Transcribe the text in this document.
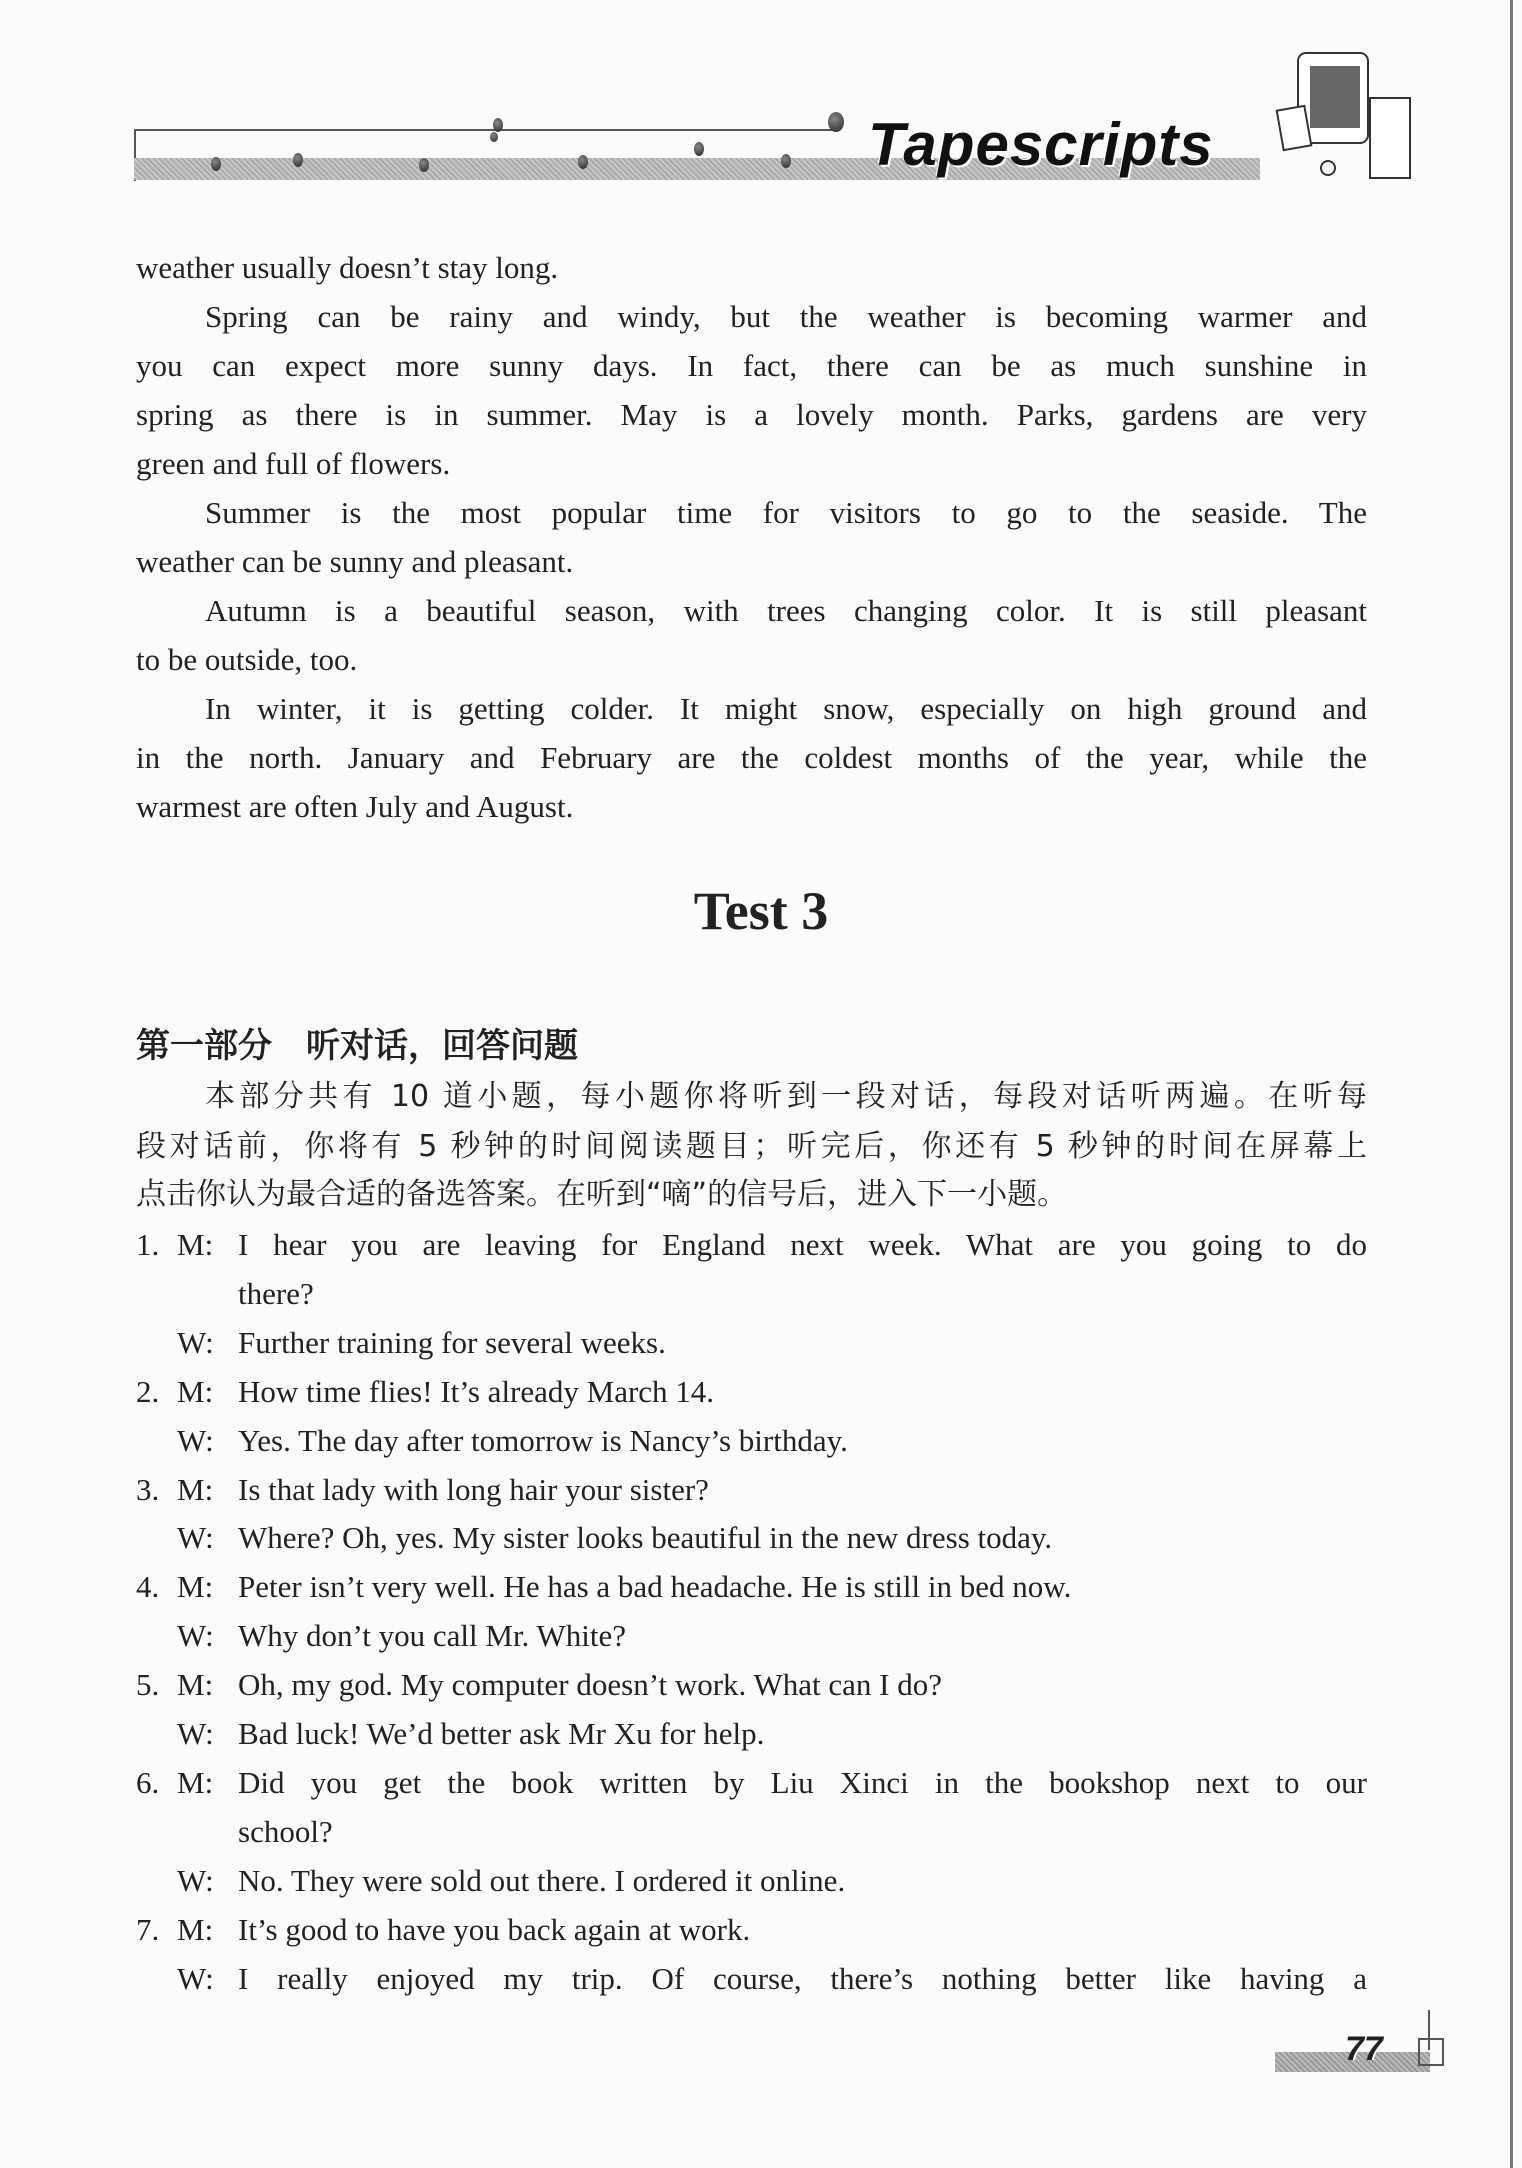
Tapescripts
weather usually doesn’t stay long.
Spring can be rainy and windy, but the weather is becoming warmer and
you can expect more sunny days. In fact, there can be as much sunshine in
spring as there is in summer. May is a lovely month. Parks, gardens are very
green and full of flowers.
Summer is the most popular time for visitors to go to the seaside. The
weather can be sunny and pleasant.
Autumn is a beautiful season, with trees changing color. It is still pleasant
to be outside, too.
In winter, it is getting colder. It might snow, especially on high ground and
in the north. January and February are the coldest months of the year, while the
warmest are often July and August.
Test 3
第一部分　听对话，回答问题
本部分共有 10 道小题，每小题你将听到一段对话，每段对话听两遍。在听每
段对话前，你将有 5 秒钟的时间阅读题目；听完后，你还有 5 秒钟的时间在屏幕上
点击你认为最合适的备选答案。在听到“嘀”的信号后，进入下一小题。
1. M: I hear you are leaving for England next week. What are you going to do
there?
W: Further training for several weeks.
2. M: How time flies! It’s already March 14.
W: Yes. The day after tomorrow is Nancy’s birthday.
3. M: Is that lady with long hair your sister?
W: Where? Oh, yes. My sister looks beautiful in the new dress today.
4. M: Peter isn’t very well. He has a bad headache. He is still in bed now.
W: Why don’t you call Mr. White?
5. M: Oh, my god. My computer doesn’t work. What can I do?
W: Bad luck! We’d better ask Mr Xu for help.
6. M: Did you get the book written by Liu Xinci in the bookshop next to our
school?
W: No. They were sold out there. I ordered it online.
7. M: It’s good to have you back again at work.
W: I really enjoyed my trip. Of course, there’s nothing better like having a
77
